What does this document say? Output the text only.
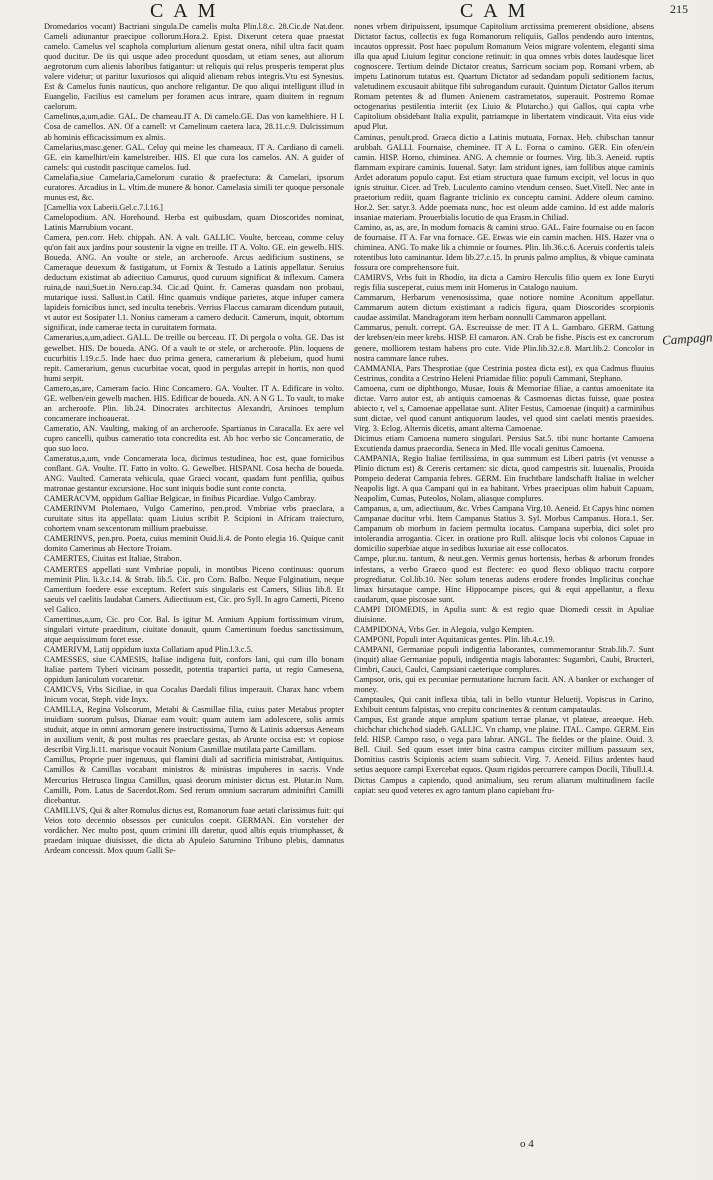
C A M	C A M	215

Dromedarios vocant) Bactriani singula.De camelis multa Plin.l.8.c. 28.Cic.de Nat.deor. Cameli adiunantur praecipue collorum.Hora.2. Epist. Dixerunt cetera quae praestat camelo. Camelus vel scaphola complurium alienum gestat onera, nihil ultra facit quam quod ducitur. De iis qui usque adeo procedunt quosdam, ut etiam senes, aut aliorum aegrotorum cum alienis laboribus fatigantur: ut reliquis qui relus prosperis temperat plus valere videtur; ut paritur luxuriosos qui aliquid alienam rebus integris.Vtu est Synesius. Est & Camelus funis nauticus, quo anchore religantur. De quo aliqui intelligunt illud in Euangelio, Facilius est camelum per foramen acus intrare, quam diuitem in regnum caelorum.

Camelinus,a,um,adie. GAL. De chameau.IT A. Di camelo.GE. Das von kamelthiere. H I. Cosa de camellos. AN. Of a camell: vt Camelinum caetera laca, 28.11.c.9. Dulcissimum ab hominis efficacissimum ex almis.

Camelarius,masc.gener. GAL. Celuy qui meine les chameaux. IT A. Cardiano di cameli. GE. ein kamelhirt/ein kamelstreiber. HIS. El que cura los camelos. AN. A guider of camels: qui custodit pascitque camelos. Iud.

Camelafia,siue Camelaria,Camelorum curatio & praefectura: & Camelari, ipsorum curatores. Arcadius in L. vltim.de munere & honor. Camelasia simili ter quoque personale munus est, &c.

[Camellia vox Laberii.Gel.c.7.l.16.]

Camelopodium. AN. Horehound. Herba est quibusdam, quam Dioscorides nominat, Latinis Marrubium vocant.

Camera, pen.corr. Heb. chippah. AN. A valt. GALLIC. Voulte, berceau, comme celuy qu'on fait aux jardins pour soustenir la vigne en treille. IT A. Volto. GE. ein gewelb. HIS. Boueda. ANG. An voulte or stele, an archeroofe. Arcus aedificium sustinens, se Cameraque deuexum & fastigatum, ut Fornix & Testudo a Latinis appellatur. Seruius deductum existimat ab adiectiuo Camurus, quod curuum significat & inflexum. Camera ruina,de naui,Suet.in Nero.cap.34. Cic.ad Quint. fr. Cameras quasdam non probaui, mutarique iussi. Sallust.in Catil. Hinc quamuis vndique parietes, atque infuper camera lapideis fornicibus iunct, sed inculta tenebris. Verrius Flaccus camaram dicendum putauit, vt autor est Sosipater l.1. Nonius cameram a camero deducit. Camerum, inquit, obtortum significat, inde camerae tecta in curuitatem formata.

Camerarius,a,um,adiect. GALL. De treille ou berceau. IT. Di pergola o volta. GE. Das ist gewelbet. HIS. De boueda. ANG. Of a vault te or stele, or archeroofe. Plin. loquens de cucurbitis l.19.c.5. Inde haec duo prima genera, camerarium & plebeium, quod humi repit. Camerarium, genus cucurbitae vocat, quod in pergulas arrepit in hortis, non quod humi serpit.

Camero,as,are, Cameram facio. Hinc Concamero. GA. Voulter. IT A. Edificare in volto. GE. welben/ein gewelb machen. HIS. Edificar de boueda. AN. A N G L. To vault, to make an archeroofe. Plin. lib.24. Dinocrates architectus Alexandri, Arsinoes templum concamerare inchoauerat.

Cameratio, AN. Vaulting, making of an archeroofe. Spartianus in Caracalla. Ex aere vel cupro cancelli, quibus cameratio tota concredita est. Ab hoc verbo sic Concameratio, de quo suo loco.

Cameratus,a,um, vnde Concamerata loca, dicimus testudinea, hoc est, quae fornicibus conflant. GA. Voulte. IT. Fatto in volto. G. Gewelbet. HISPANI. Cosa hecha de boueda. ANG. Vaulted. Camerata vehicula, quae Graeci vocant, quadam funt penfilia, quibus matronae gestantur excursione. Hoc sunt iniquis bodie sunt conte concta.

CAMERACVM, oppidum Galliae Belgicae, in finibus Picardiae. Vulgo Cambray.

CAMERINVM Ptolemaeo, Vulgo Camerino, pen.prod. Vmbriae vrbs praeclara, a curuitate situs ita appellata: quam Liuius scribit P. Scipioni in Africam traiecturo, cohortem vnam sexcentorum millium praebuisse.

CAMERINVS, pen.pro. Poeta, cuius meminit Ouid.li.4. de Ponto elegia 16. Quique canit domito Camerinus ab Hectore Troiam.

CAMERTES, Ciuitas est Italiae, Strabon.

CAMERTES appellati sunt Vmbriae populi, in montibus Piceno continuus: quorum meminit Plin. li.3.c.14. & Strab. lib.5. Cic. pro Corn. Balbo. Neque Fulginatium, neque Camertium foedere esse exceptum. Refert suis singularis est Camers, Silius lib.8. Et saeuis vel caelitis laudabat Camers. Adiectiuum est, Cic. pro Syll. In agro Camerti, Piceno vel Galico.

Camertinus,a,um, Cic. pro Cor. Bal. Is igitur M. Annium Appium fortissimum virum, singulari virtute praeditum, ciuitate donauit, quum Camertinum foedus sanctissimum, atque aequissimum foret esse.

CAMERIVM, Latij oppidum iuxta Collatiam apud Plin.l.3.c.5.

CAMESSES, siue CAMESIS, Italiae indigena fuit, confors Iani, qui cum illo bonam Italiae partem Tyberi vicinam possedit, potentia trapartici parta, ut regio Camesena, oppidum Ianiculum vocaretur.

CAMICVS, Vrbs Siciliae, in qua Cocalus Daedali filius imperauit. Charax hanc vrbem Inicum vocat, Steph. vide Inyx.

CAMILLA, Regina Volscorum, Metabi & Casmillae filia, cuius pater Metabus propter inuidiam suorum pulsus, Dianae eam vouit: quam autem iam adolescere, solis armis studuit, atque in omni armorum genere instructissima, Turno & Latinis aduersus Aeneam in auxilium venit, & post multas res praeclare gestas, ab Arunte occisa est: vt copiose describit Virg.li.11. marisque vocauit Nonium Casmillae mutilata parte Camillam.

Camillus, Proprie puer ingenuus, qui flamini diali ad sacrificia ministrabat, Antiquitus. Camillos & Camillas vocabant ministros & ministras impuberes in sacris. Vnde Mercurius Hetrusca lingua Camillus, quasi deorum minister dictus est. Plutar.in Num. Camilli, Pom. Latus de Sacerdot.Rom. Sed rerum omnium sacrarum adminiftri Camilli dicebantur.

CAMILLVS, Qui & alter Romulus dictus est, Romanorum fuae aetati clarissimus fuit: qui Veios toto decennio obsessos per cuniculos coepit. GERMAN. Ein vorsteher der vordächer. Nec multo post, quum crimini illi daretur, quod albis equis triumphasset, & praedam iniquae diuisisset, die dicta ab Apuleio Saturnino Tribuno plebis, damnatus Ardeam concessit. Mox quum Galli Se-

nones vrbem diripuissent, ipsumque Capitolium arctissima premerent obsidione, absens Dictator factus, collectis ex fuga Romanorum reliquiis, Gallos pendendo auro intentos, incautos oppressit. Post haec populum Romanum Veios migrare volentem, eleganti sima illa qua apud Liuium legitur concione retinuit: in qua omnes vrbis dotes laudesque licet cognoscere. Tertium deinde Dictator creatus, Sarricum sociam pop. Romani vrbem, ab impetu Latinorum tutatus est. Quartum Dictator ad sedandam populi seditionem factus, valetudinem excusauit abiitque fibi subrogandum curauit. Quintum Dictator Gallos iterum Romam petentes & ad flumen Anienem castrametatos, superauit. Postremo Romae octogenarius pestilentia interiit (ex Liuio & Plutarcho.) qui Gallos, qui capta vrbe Capitolium obsidebant Italia expulit, patriamque in libertatem vindicauit. Vita eius vide apud Plut.

Caminus, penult.prod. Graeca dictio a Latinis mutuata, Fornax. Heb. chibschan tannur arubbah. GALLI. Fournaise, cheminee. IT A L. Forna o camino. GER. Ein ofen/ein camin. HISP. Horno, chiminea. ANG. A chemnie or fournes. Virg. lib.3. Aeneid. ruptis flammam expirare caminis. Iuuenal. Satyr. Iam stridunt ignes, iam follibus atque caminis Ardet adoratum populo caput. Est etiam structura quae fumum excipit, vel locus in quo ignis struitur. Cicer. ad Treb. Luculento camino vtendum censeo. Suet.Vitell. Nec ante in praetorium rediit, quam flagrante triclinio ex conceptu camini. Addere oleum camino. Hor.2. Ser. satyr.3. Adde poemata nunc, hoc est oleum adde camino. Id est adde maloris insaniae materiam. Prouerbialis locutio de qua Erasm.in Chiliad.

Camino, as, as, are, In modum fornacis & camini struo. GAL. Faire fournaise ou en facon de fournaise. IT A. Far vna fornace. GE. Etwas wie ein camin machen. HIS. Hazer vna o chiminea. ANG. To make lik a chimnie or fournes. Plin. lib.36.c.6. Aceruis confertis taleis rotentibus luto caminantur. Idem lib.27.c.15. In prunis palmo amplius, & vbique caminata fossura ore comprehensore fuit.

CAMIRVS, Vrbs fuit in Rhodio, ita dicta a Camiro Herculis filio quem ex Ione Euryti regis filia susceperat, cuius mem init Homerus in Catalogo nauium.

Cammarum, Herbarum venenosissima, quae notiore nomine Aconitum appellatur. Cammarum autem dictum existimant a radicis figura, quam Dioscorides scorpionis caudae assimilat. Mandragoram item herbam nonnulli Cammaron appellant.

Cammarus, penult. corrept. GA. Escreuisse de mer. IT A L. Gambaro. GERM. Gattung der krebsen/ein meer krebs. HISP. El camaron. AN. Crab be fishe. Piscis est ex cancrorum genere, molliorem testam habens pro cute. Vide Plin.lib.32.c.8. Mart.lib.2. Concolor in nostra cammare lance rubes.

CAMMANIA, Pars Thesprotiae (que Cestrinia postea dicta est), ex qua Cadmus fluuius Cestrinus, condita a Cestrino Heleni Priamidae filio: populi Cammani, Stephano.

Camoena, cum oe diphthongo, Musae, Iouis & Memoriae filiae, a cantus amoenitate ita dictae. Varro autor est, ab antiquis camoenas & Casmoenas dictas fuisse, quae postea abiecto r, vel s, Camoenae appellatae sunt. Aliter Festus, Camoenae (inquit) a carminibus sunt dictae, vel quod canunt antiquorum laudes, vel quod sint caelati mentis praesides. Virg. 3. Eclog. Alternis dicetis, amant alterna Camoenae.

Dicimus etiam Camoena numero singulari. Persius Sat.5. tibi nunc hortante Camoena Excutienda damus praecordia. Seneca in Med. Ille vocali genitus Camoena.

CAMPANIA, Regio Italiae fertilissima, in qua summum est Liberi patris (vt venusse a Plinio dictum est) & Cereris certamen: sic dicta, quod campestris sit. Iuuenalis, Prouida Pompeio dederat Campania febres. GERM. Ein fruchtbare landschafft Italiae in welcher Neapolis ligt. A qua Campani qui in ea habitant. Vrbes praecipuas olim habuit Capuam, Neapolim, Cumas, Puteolos, Nolam, aliasque complures.

Campanus, a, um, adiectiuum, &c. Vrbes Campana Virg.10. Aeneid. Et Capys hinc nomen Campanae ducitur vrbi. Item Campanus Statius 3. Syl. Morbus Campanus. Hora.1. Ser. Campanum ob morbum in faciem permulta iocatus. Campana superbia, dici solet pro intolerandia arrogantia. Cicer. in oratione pro Rull. aliisque locis vbi colonos Capuae in domicilio superbiae atque in sedibus luxuriae ait esse collocatos.

Campe, plur.nu. tantum, & neut.gen. Vermis genus hortensis, herbas & arborum frondes infestans, a verbo Graeco quod est flectere: eo quod flexo obliquo tractu corpore progrediatur. Col.lib.10. Nec solum teneras audens erodere frondes Implicitus conchae limax hirsutaque campe. Hinc Hippocampe pisces, qui & equi appellantur, a flexu caudarum, quae piscosae sunt.

CAMPI DIOMEDIS, in Apulia sunt: & est regio quae Diomedi cessit in Apuliae diuisione.

CAMPIDONA, Vrbs Ger. in Alegoia, vulgo Kempten.

CAMPONI, Populi inter Aquitanicas gentes. Plin. lib.4.c.19.

CAMPANI, Germaniae populi indigentia laborantes, commemorantur Strab.lib.7. Sunt (inquit) aliae Germaniae populi, indigentia magis laborantes: Sugambri, Caubi, Bructeri, Cimbri, Cauci, Caulci, Campsiani caeterique complures.

Campsor, oris, qui ex pecuniae permutatione lucrum facit. AN. A banker or exchanger of money.

Camptaules, Qui canit inflexa tibia, tali in bello vtuntur Heluetij. Vopiscus in Carino, Exhibuit centum falpistas, vno crepitu concinentes & centum campataulas.

Campus, Est grande atque amplum spatium terrae planae, vt plateae, areaeque. Heb. chichchar chichchod siadeh. GALLIC. Vn champ, vne plaine. ITAL. Campo. GERM. Ein feld. HISP. Campo raso, o vega para labrar. ANGL. The fieldes or the plaine. Ouid. 3. Bell. Ciuil. Sed quum esset inter bina castra campus circiter millium passuum sex, Domitius castris Scipionis aciem suam subiecit. Virg. 7. Aeneid. Filius ardentes haud setius aequore campi Exercebat equos. Quum rigidos percurrere campos Docili, Tibull.l.4. Dictus Campus a capiendo, quod animalium, seu rerum aliarum multitudinem facile capiat: seu quod veteres ex agro tantum plano capiebant fru-

Campagn
o 4
